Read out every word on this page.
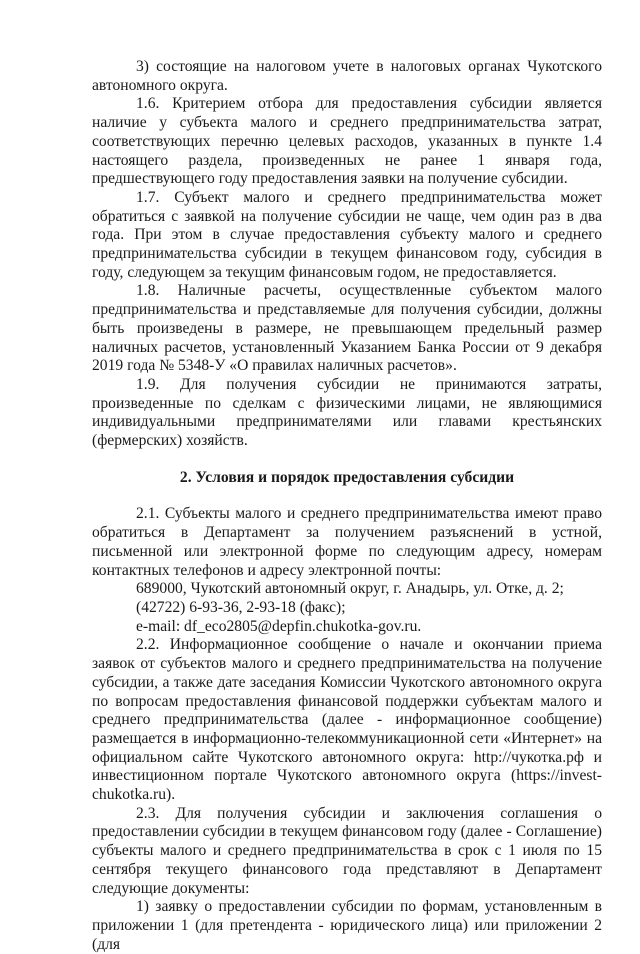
3) состоящие на налоговом учете в налоговых органах Чукотского автономного округа.

1.6. Критерием отбора для предоставления субсидии является наличие у субъекта малого и среднего предпринимательства затрат, соответствующих перечню целевых расходов, указанных в пункте 1.4 настоящего раздела, произведенных не ранее 1 января года, предшествующего году предоставления заявки на получение субсидии.

1.7. Субъект малого и среднего предпринимательства может обратиться с заявкой на получение субсидии не чаще, чем один раз в два года. При этом в случае предоставления субъекту малого и среднего предпринимательства субсидии в текущем финансовом году, субсидия в году, следующем за текущим финансовым годом, не предоставляется.

1.8. Наличные расчеты, осуществленные субъектом малого предпринимательства и представляемые для получения субсидии, должны быть произведены в размере, не превышающем предельный размер наличных расчетов, установленный Указанием Банка России от 9 декабря 2019 года № 5348-У «О правилах наличных расчетов».

1.9. Для получения субсидии не принимаются затраты, произведенные по сделкам с физическими лицами, не являющимися индивидуальными предпринимателями или главами крестьянских (фермерских) хозяйств.

2. Условия и порядок предоставления субсидии

2.1. Субъекты малого и среднего предпринимательства имеют право обратиться в Департамент за получением разъяснений в устной, письменной или электронной форме по следующим адресу, номерам контактных телефонов и адресу электронной почты:

689000, Чукотский автономный округ, г. Анадырь, ул. Отке, д. 2;

(42722) 6-93-36, 2-93-18 (факс);

e-mail: df_eco2805@depfin.chukotka-gov.ru.

2.2. Информационное сообщение о начале и окончании приема заявок от субъектов малого и среднего предпринимательства на получение субсидии, а также дате заседания Комиссии Чукотского автономного округа по вопросам предоставления финансовой поддержки субъектам малого и среднего предпринимательства (далее - информационное сообщение) размещается в информационно-телекоммуникационной сети «Интернет» на официальном сайте Чукотского автономного округа: http://чукотка.рф и инвестиционном портале Чукотского автономного округа (https://invest-chukotka.ru).

2.3. Для получения субсидии и заключения соглашения о предоставлении субсидии в текущем финансовом году (далее - Соглашение) субъекты малого и среднего предпринимательства в срок с 1 июля по 15 сентября текущего финансового года представляют в Департамент следующие документы:

1) заявку о предоставлении субсидии по формам, установленным в приложении 1 (для претендента - юридического лица) или приложении 2 (для
